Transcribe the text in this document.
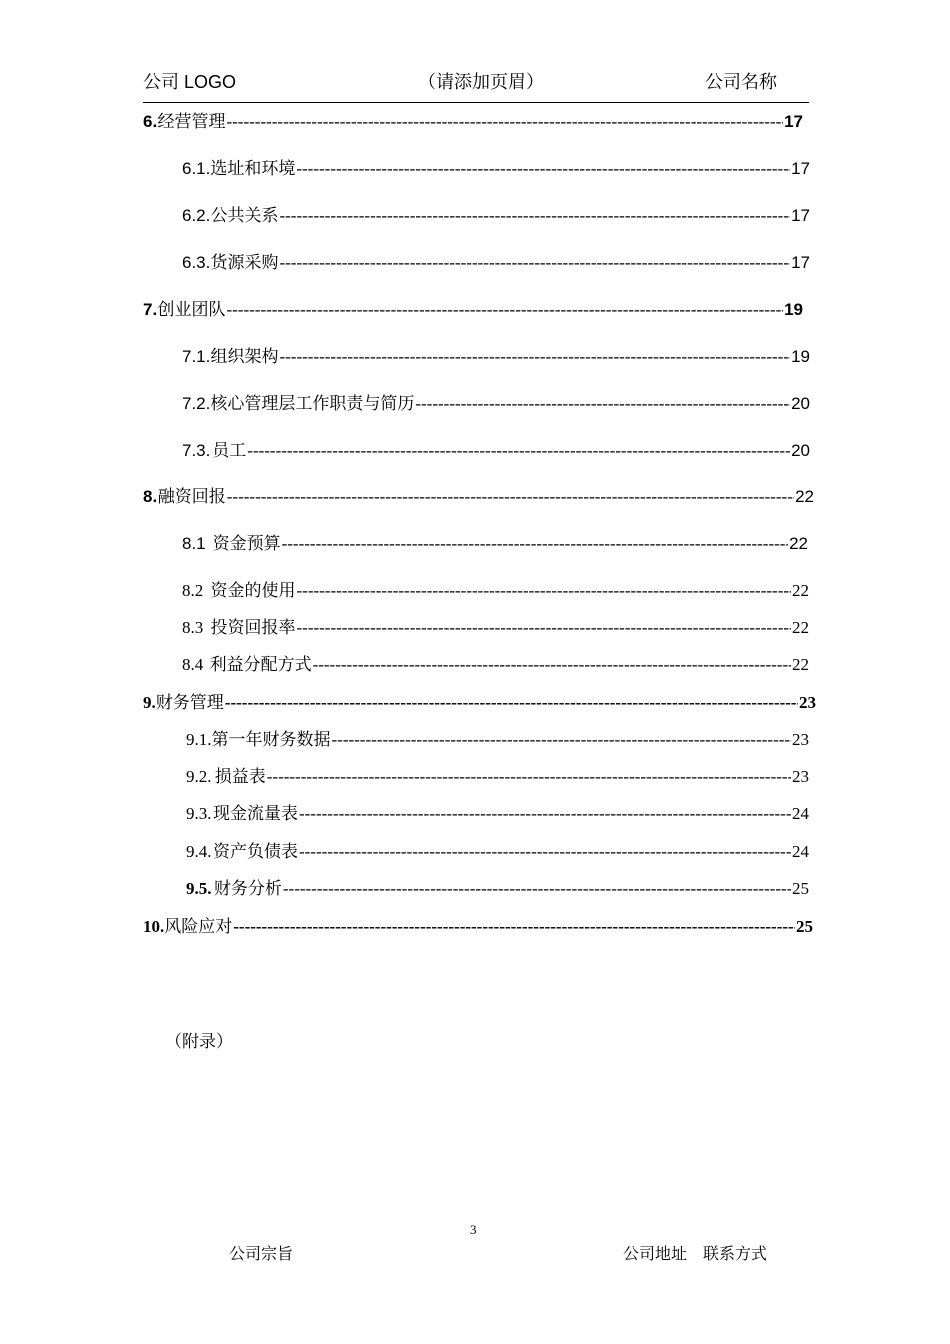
公司 LOGO	（请添加页眉）	公司名称
6. 经营管理 -----	17
6.1. 选址和环境 -----	17
6.2. 公共关系 -----	17
6.3. 货源采购 -----	17
7. 创业团队 -----	19
7.1. 组织架构 -----	19
7.2. 核心管理层工作职责与简历 -----	20
7.3. 员工 -----	20
8. 融资回报 -----	22
8.1 资金预算 -----	22
8.2 资金的使用 -----	22
8.3 投资回报率 -----	22
8.4 利益分配方式 -----	22
9. 财务管理 -----	23
9.1. 第一年财务数据 -----	23
9.2. 损益表 -----	23
9.3. 现金流量表 -----	24
9.4. 资产负债表 -----	24
9.5. 财务分析 -----	25
10. 风险应对 -----	25
（附录）
3
公司宗旨	公司地址　联系方式
